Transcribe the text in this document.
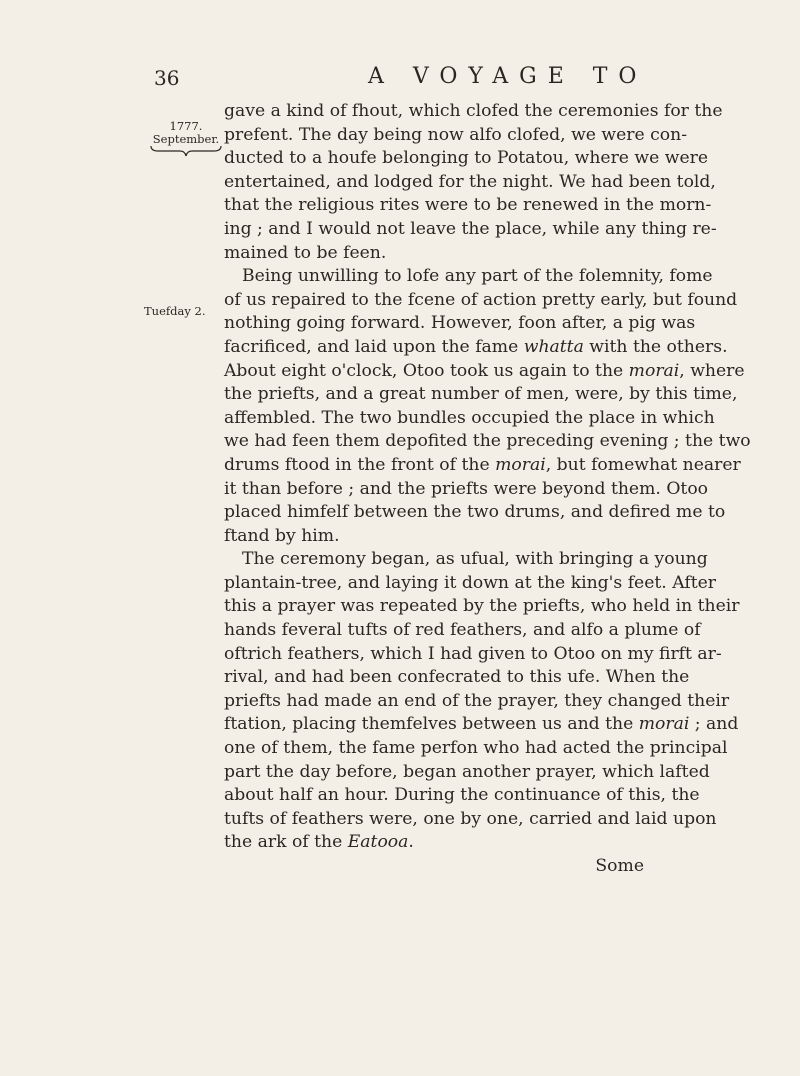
36	A VOYAGE TO
1777.
September.
Tuefday 2.
gave a kind of fhout, which clofed the ceremonies for the
prefent. The day being now alfo clofed, we were con-
ducted to a houfe belonging to Potatou, where we were
entertained, and lodged for the night. We had been told,
that the religious rites were to be renewed in the morn-
ing ; and I would not leave the place, while any thing re-
mained to be feen.
Being unwilling to lofe any part of the folemnity, fome
of us repaired to the fcene of action pretty early, but found
nothing going forward. However, foon after, a pig was
facrificed, and laid upon the fame whatta with the others.
About eight o'clock, Otoo took us again to the morai, where
the priefts, and a great number of men, were, by this time,
affembled. The two bundles occupied the place in which
we had feen them depofited the preceding evening ; the two
drums ftood in the front of the morai, but fomewhat nearer
it than before ; and the priefts were beyond them. Otoo
placed himfelf between the two drums, and defired me to
ftand by him.
The ceremony began, as ufual, with bringing a young
plantain-tree, and laying it down at the king's feet. After
this a prayer was repeated by the priefts, who held in their
hands feveral tufts of red feathers, and alfo a plume of
oftrich feathers, which I had given to Otoo on my firft ar-
rival, and had been confecrated to this ufe. When the
priefts had made an end of the prayer, they changed their
ftation, placing themfelves between us and the morai ; and
one of them, the fame perfon who had acted the principal
part the day before, began another prayer, which lafted
about half an hour. During the continuance of this, the
tufts of feathers were, one by one, carried and laid upon
the ark of the Eatooa.
Some
